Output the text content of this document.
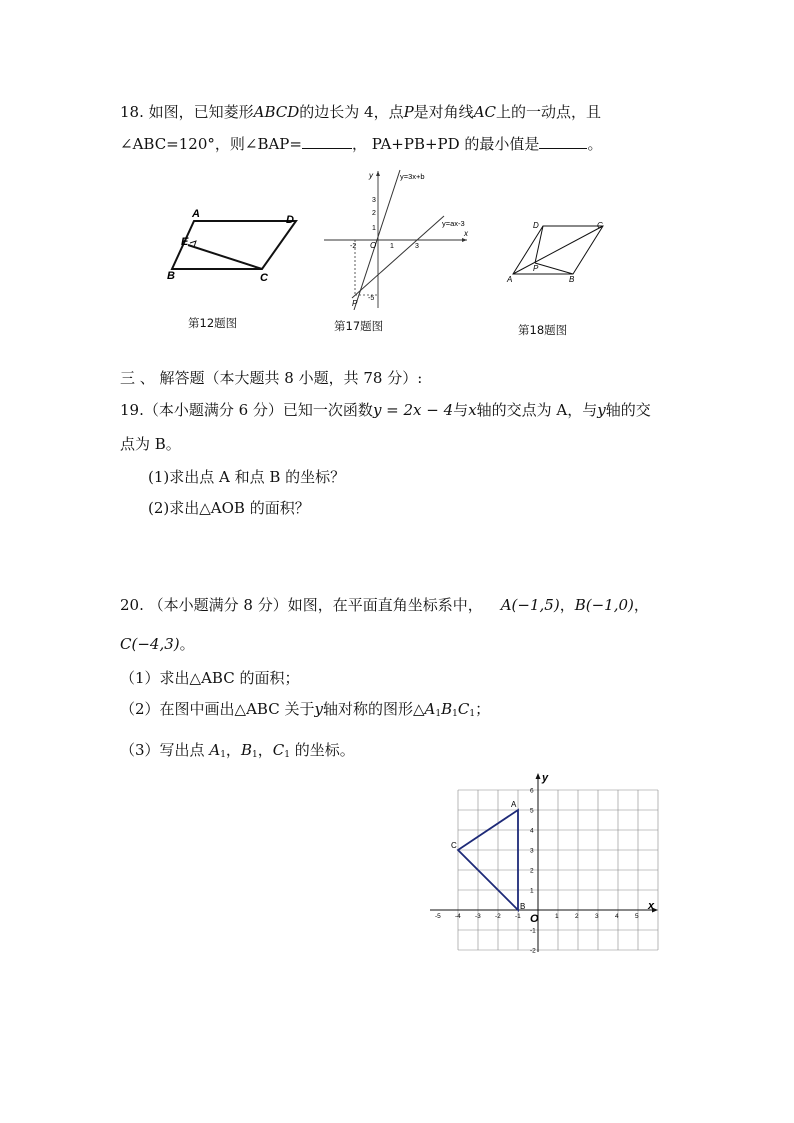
18. 如图，已知菱形ABCD的边长为 4，点P是对角线AC上的一动点，且
∠ABC=120°，则∠BAP=	， PA+PB+PD 的最小值是	。
A	D
E
B	C
第12题图
y	y=3x+b
y=ax-3
x
O
3
2
1
-2	1	3
-5
P
第17题图
D	C
P
A	B
第18题图
三 、 解答题（本大题共 8 小题，共 78 分）:
19.（本小题满分 6 分）已知一次函数y = 2x − 4与x轴的交点为 A，与y轴的交
点为 B。
(1)求出点 A 和点 B 的坐标？
(2)求出△AOB 的面积？
20. （本小题满分 8 分）如图，在平面直角坐标系中， A(−1,5)，B(−1,0)，
C(−4,3)。
（1）求出△ABC 的面积；
（2）在图中画出△ABC 关于y轴对称的图形$\triangle A_1B_1C_1$；
（3）写出点 $A_1$，$B_1$，$C_1$ 的坐标。
x
y
O
-5 -4 -3 -2 -1	1	2	3	4	5
6
5
4
3
2
1
-1
-2
A
B
C
